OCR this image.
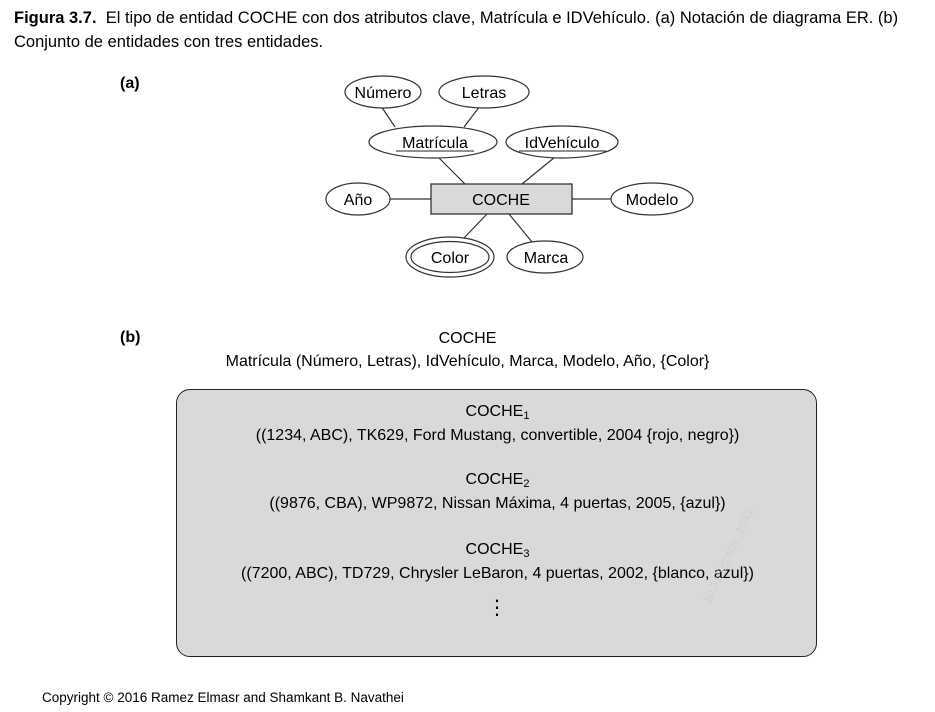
Figura 3.7. El tipo de entidad COCHE con dos atributos clave, Matrícula e IDVehículo. (a) Notación de diagrama ER. (b) Conjunto de entidades con tres entidades.
(a)
Número	Letras
Matrícula	IdVehículo
Año	COCHE	Modelo
Color	Marca
(b)	COCHE
Matrícula (Número, Letras), IdVehículo, Marca, Modelo, Año, {Color}
$COCHE_1$
((1234, ABC), TK629, Ford Mustang, convertible, 2004 {rojo, negro})
$COCHE_2$
((9876, CBA), WP9872, Nissan Máxima, 4 puertas, 2005, {azul})
$COCHE_3$
((7200, ABC), TD729, Chrysler LeBaron, 4 puertas, 2002, {blanco, azul})
⋮
10.31522409..1041
Copyright © 2016 Ramez Elmasr and Shamkant B. Navathei
